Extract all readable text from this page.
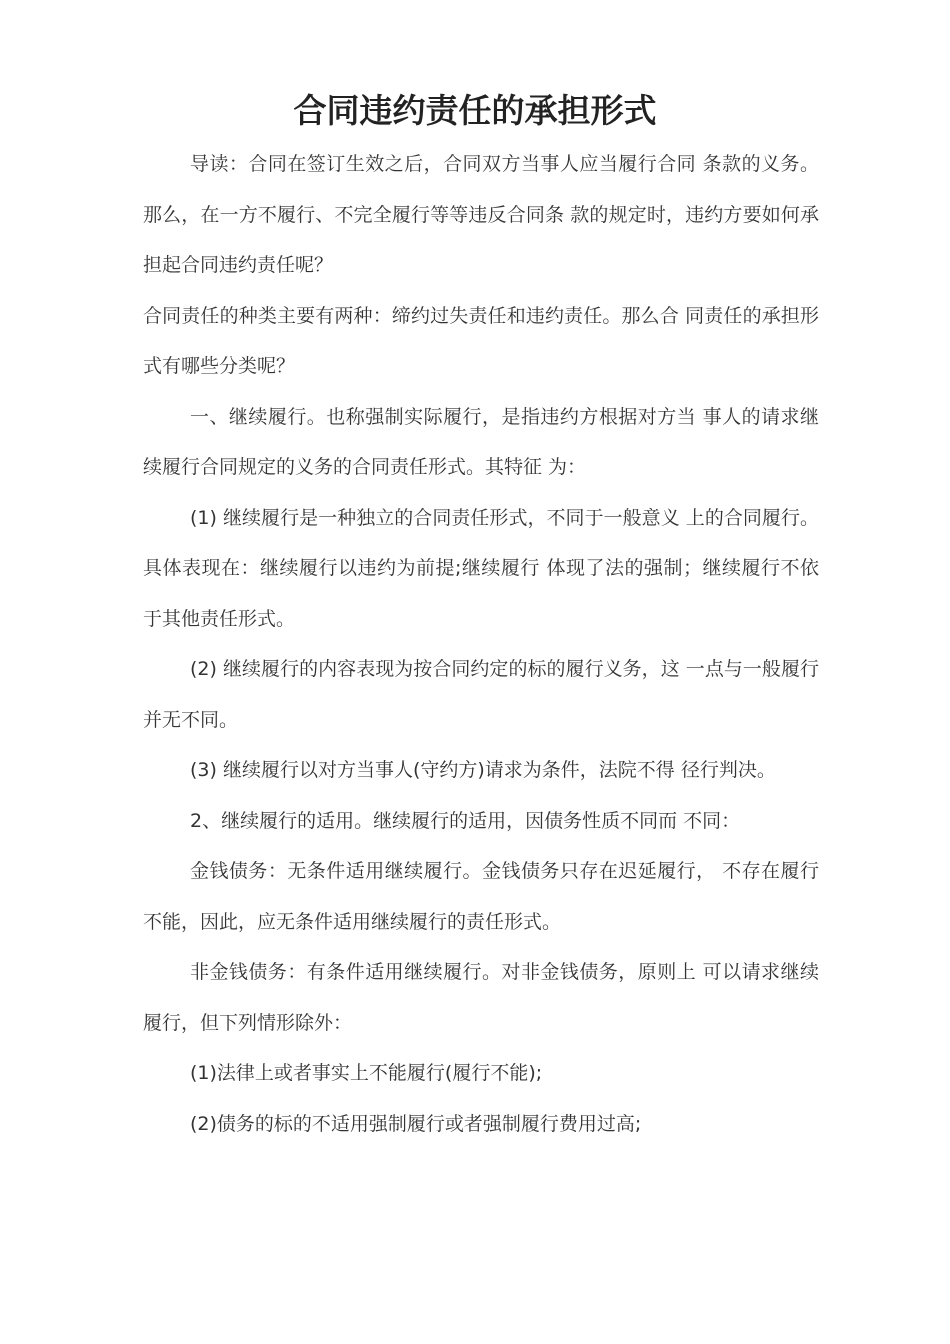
合同违约责任的承担形式

导读：合同在签订生效之后，合同双方当事人应当履行合同 条款的义务。那么，在一方不履行、不完全履行等等违反合同条 款的规定时，违约方要如何承担起合同违约责任呢？

合同责任的种类主要有两种：缔约过失责任和违约责任。那么合 同责任的承担形式有哪些分类呢？

一、继续履行。也称强制实际履行，是指违约方根据对方当 事人的请求继续履行合同规定的义务的合同责任形式。其特征 为：

(1) 继续履行是一种独立的合同责任形式，不同于一般意义 上的合同履行。具体表现在：继续履行以违约为前提;继续履行 体现了法的强制；继续履行不依于其他责任形式。

(2) 继续履行的内容表现为按合同约定的标的履行义务，这 一点与一般履行并无不同。

(3) 继续履行以对方当事人(守约方)请求为条件，法院不得 径行判决。

2、继续履行的适用。继续履行的适用，因债务性质不同而 不同：

金钱债务：无条件适用继续履行。金钱债务只存在迟延履行， 不存在履行不能，因此，应无条件适用继续履行的责任形式。

非金钱债务：有条件适用继续履行。对非金钱债务，原则上 可以请求继续履行，但下列情形除外：

(1)法律上或者事实上不能履行(履行不能);

(2)债务的标的不适用强制履行或者强制履行费用过高;
